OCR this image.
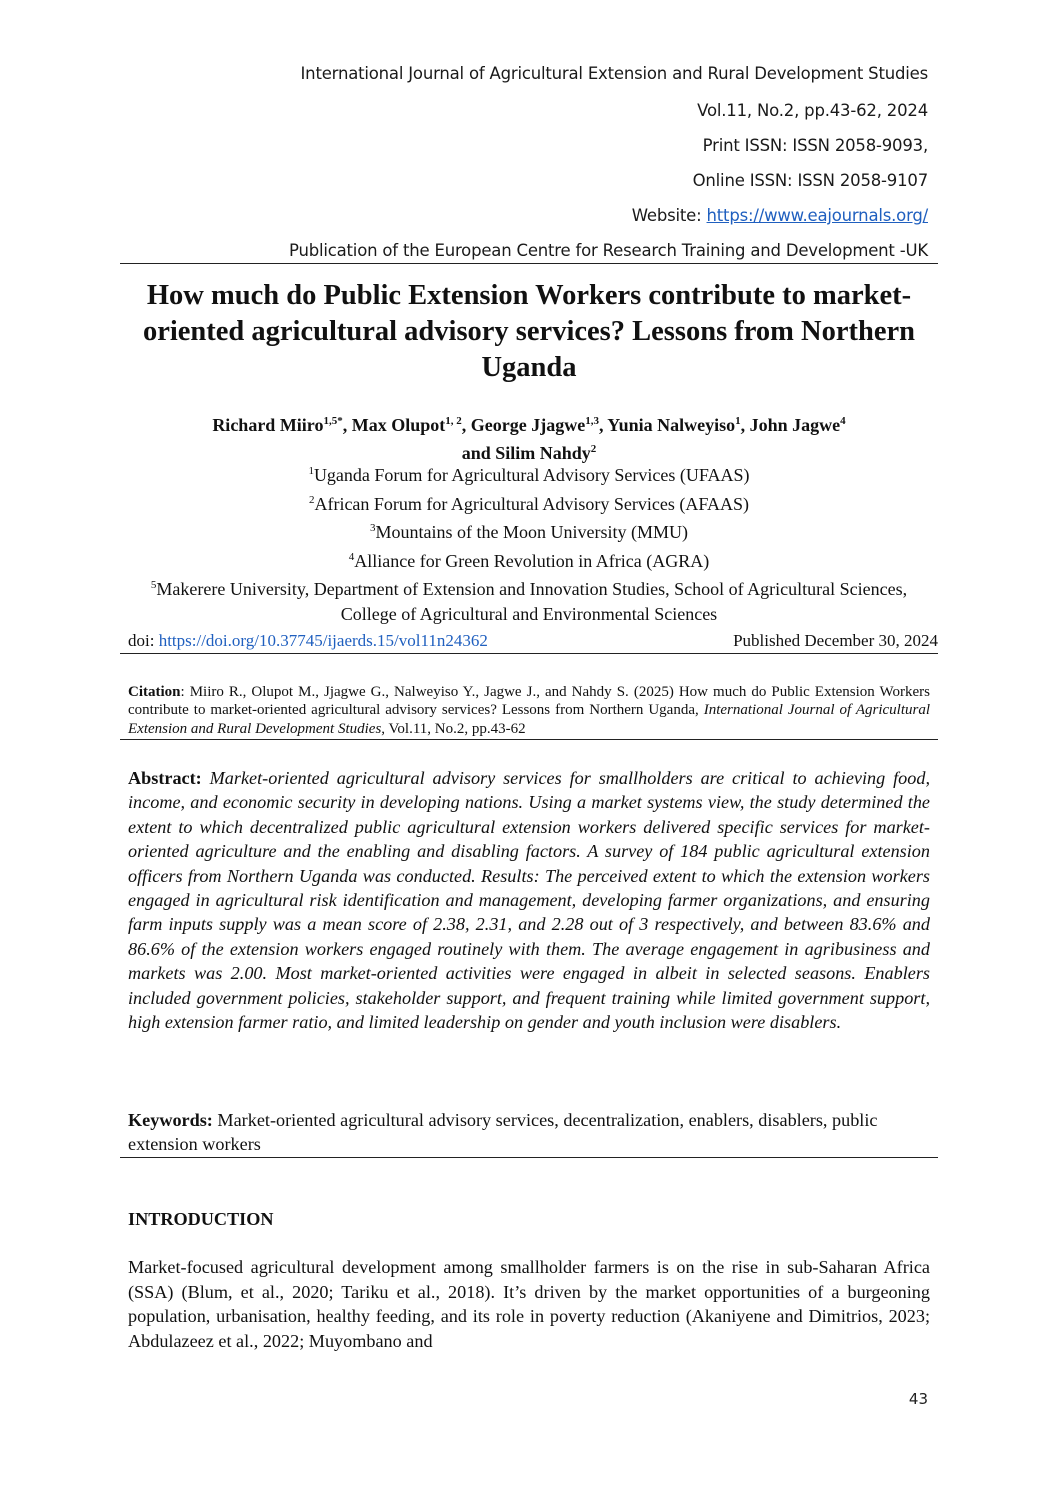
International Journal of Agricultural Extension and Rural Development Studies
Vol.11, No.2, pp.43-62, 2024
Print ISSN: ISSN 2058-9093,
Online ISSN: ISSN 2058-9107
Website: https://www.eajournals.org/
Publication of the European Centre for Research Training and Development -UK
How much do Public Extension Workers contribute to market-oriented agricultural advisory services? Lessons from Northern Uganda
Richard Miiro$^{1,5*}$, Max Olupot$^{1, 2}$, George Jjagwe$^{1,3}$, Yunia Nalweyiso$^1$, John Jagwe$^4$
and Silim Nahdy$^2$
$^1$Uganda Forum for Agricultural Advisory Services (UFAAS)
$^2$African Forum for Agricultural Advisory Services (AFAAS)
$^3$Mountains of the Moon University (MMU)
$^4$Alliance for Green Revolution in Africa (AGRA)
$^5$Makerere University, Department of Extension and Innovation Studies, School of Agricultural Sciences, College of Agricultural and Environmental Sciences
doi: https://doi.org/10.37745/ijaerds.15/vol11n24362	Published December 30, 2024
Citation: Miiro R., Olupot M., Jjagwe G., Nalweyiso Y., Jagwe J., and Nahdy S. (2025) How much do Public Extension Workers contribute to market-oriented agricultural advisory services? Lessons from Northern Uganda, International Journal of Agricultural Extension and Rural Development Studies, Vol.11, No.2, pp.43-62
Abstract: Market-oriented agricultural advisory services for smallholders are critical to achieving food, income, and economic security in developing nations. Using a market systems view, the study determined the extent to which decentralized public agricultural extension workers delivered specific services for market-oriented agriculture and the enabling and disabling factors. A survey of 184 public agricultural extension officers from Northern Uganda was conducted. Results: The perceived extent to which the extension workers engaged in agricultural risk identification and management, developing farmer organizations, and ensuring farm inputs supply was a mean score of 2.38, 2.31, and 2.28 out of 3 respectively, and between 83.6% and 86.6% of the extension workers engaged routinely with them. The average engagement in agribusiness and markets was 2.00. Most market-oriented activities were engaged in albeit in selected seasons. Enablers included government policies, stakeholder support, and frequent training while limited government support, high extension farmer ratio, and limited leadership on gender and youth inclusion were disablers.
Keywords: Market-oriented agricultural advisory services, decentralization, enablers, disablers, public extension workers
INTRODUCTION
Market-focused agricultural development among smallholder farmers is on the rise in sub-Saharan Africa (SSA) (Blum, et al., 2020; Tariku et al., 2018). It’s driven by the market opportunities of a burgeoning population, urbanisation, healthy feeding, and its role in poverty reduction (Akaniyene and Dimitrios, 2023; Abdulazeez et al., 2022; Muyombano and
43
